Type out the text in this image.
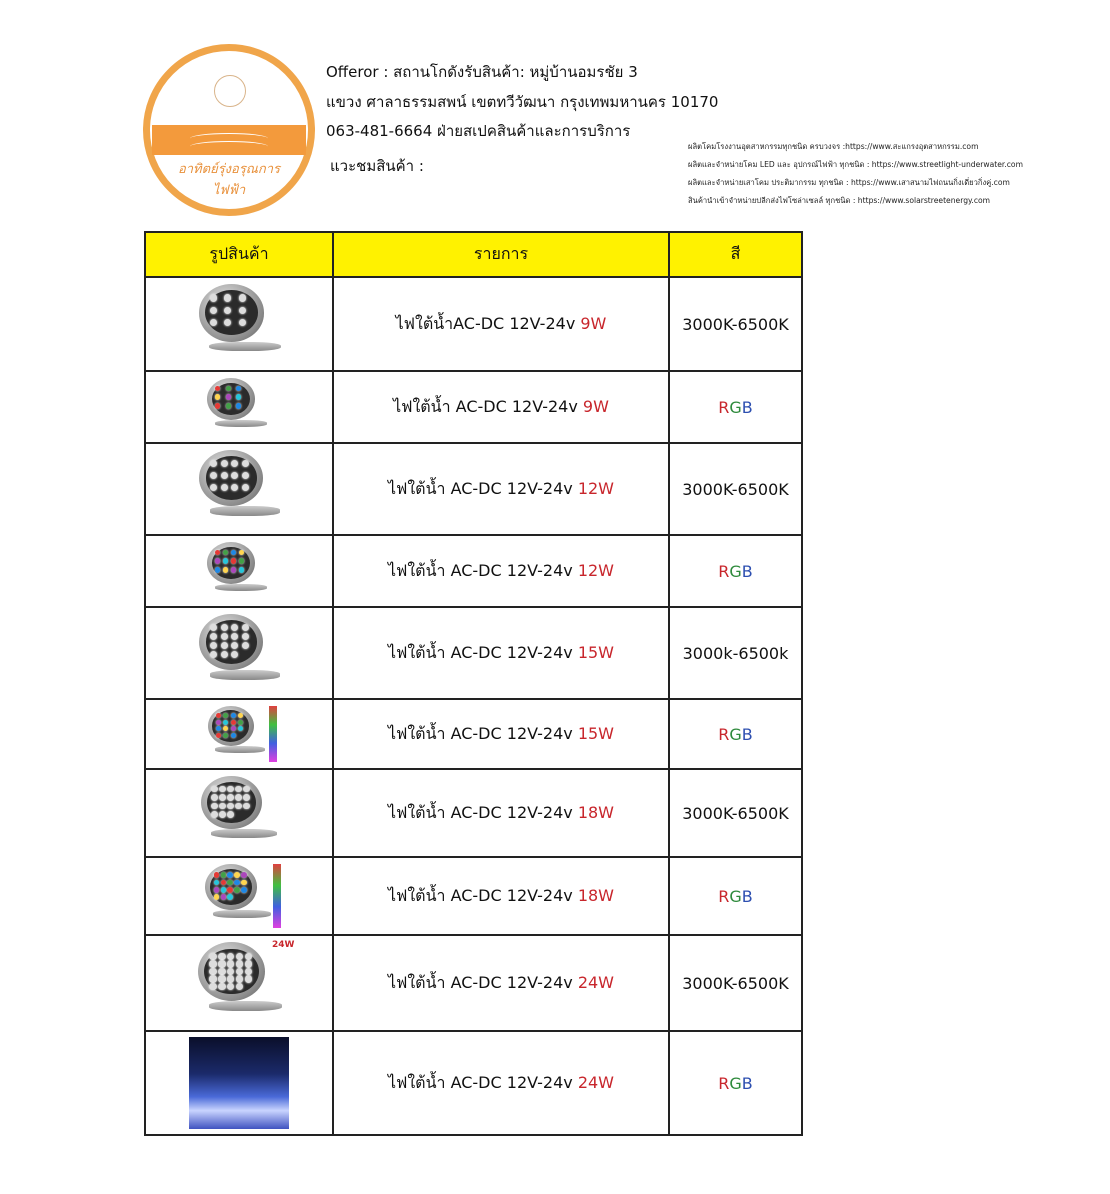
อาทิตย์รุ่งอรุณการไฟฟ้า
Offeror : สถานโกดังรับสินค้า: หมู่บ้านอมรชัย 3
แขวง ศาลาธรรมสพน์ เขตทวีวัฒนา กรุงเทพมหานคร 10170
063-481-6664 ฝ่ายสเปคสินค้าและการบริการ
แวะชมสินค้า :
ผลิตโคมโรงงานอุตสาหกรรมทุกชนิด ครบวงจร :https://www.สะแกรงอุตสาหกรรม.com
ผลิตและจำหน่ายโคม LED และ อุปกรณ์ไฟฟ้า ทุกชนิด : https://www.streetlight-underwater.com
ผลิตและจำหน่ายเสาโคม ประติมากรรม ทุกชนิด : https://www.เสาสนามไฟถนนกิ่งเดี่ยวกิ่งคู่.com
สินค้านำเข้าจำหน่ายปลีกส่งไฟโซล่าเซลล์ ทุกชนิด : https://www.solarstreetenergy.com
รูปสินค้า	รายการ	สี

	ไฟใต้น้ำAC-DC 12V-24v 9W	3000K-6500K

	ไฟใต้น้ำ AC-DC 12V-24v 9W	RGB

	ไฟใต้น้ำ AC-DC 12V-24v 12W	3000K-6500K

	ไฟใต้น้ำ AC-DC 12V-24v 12W	RGB

	ไฟใต้น้ำ AC-DC 12V-24v 15W	3000k-6500k

	ไฟใต้น้ำ AC-DC 12V-24v 15W	RGB

	ไฟใต้น้ำ AC-DC 12V-24v 18W	3000K-6500K

	ไฟใต้น้ำ AC-DC 12V-24v 18W	RGB

24W	ไฟใต้น้ำ AC-DC 12V-24v 24W	3000K-6500K
	ไฟใต้น้ำ AC-DC 12V-24v 24W	RGB
